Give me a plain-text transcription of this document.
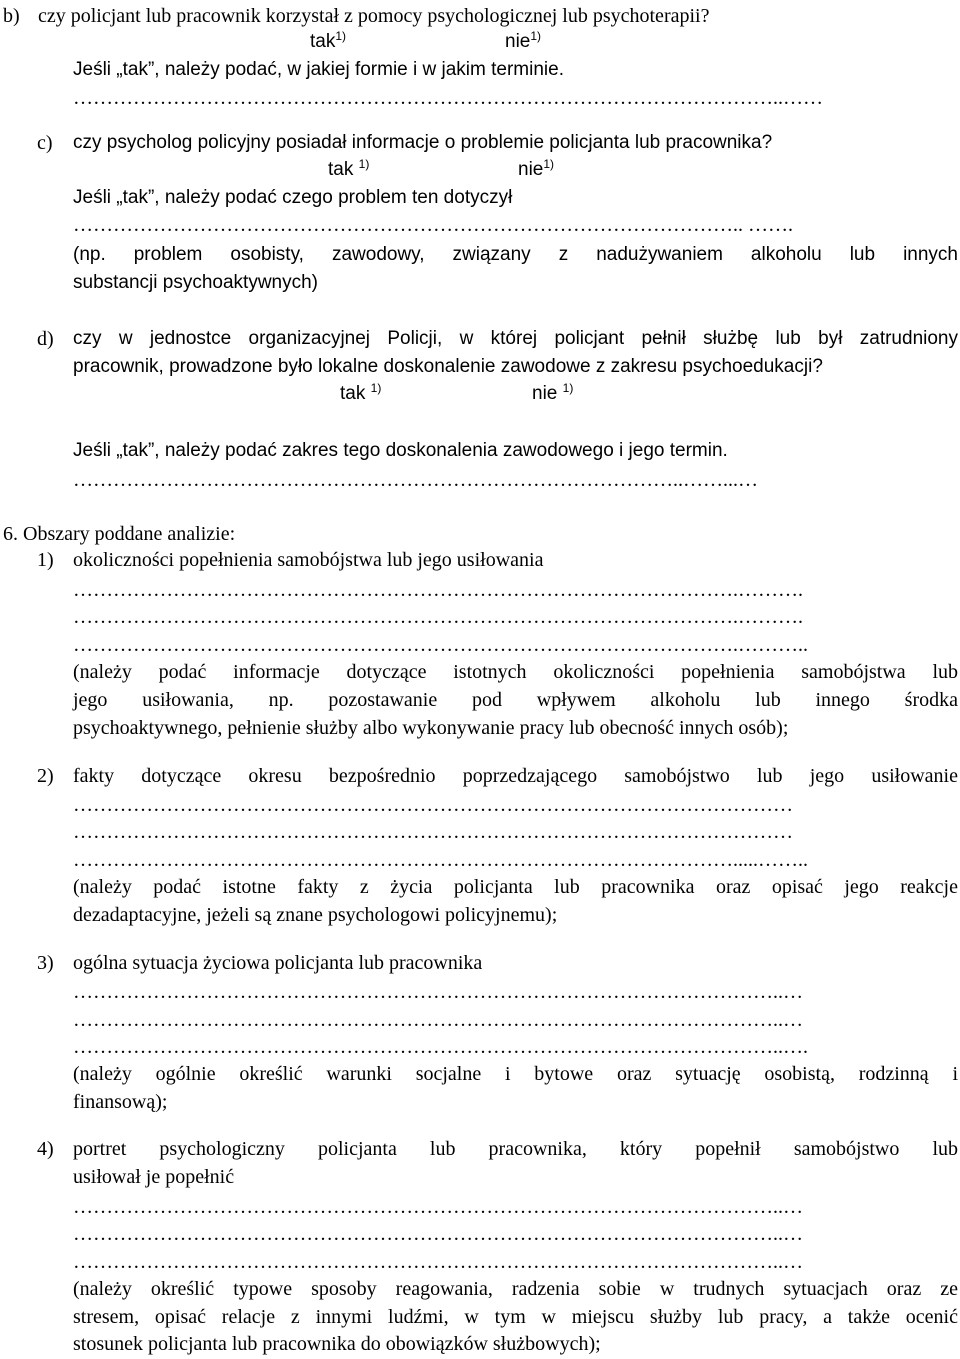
b) czy policjant lub pracownik korzystał z pomocy psychologicznej lub psychoterapii?
tak$^{1)}$	nie$^{1)}$
Jeśli „tak”, należy podać, w jakiej formie i w jakim terminie.
……………………………………………………………………………………………..……
c) czy psycholog policyjny posiadał informacje o problemie policjanta lub pracownika?
tak $^{1)}$	nie$^{1)}$
Jeśli „tak”, należy podać czego problem ten dotyczył
……………………………………………………………………………………….. …….
(np. problem osobisty, zawodowy, związany z nadużywaniem alkoholu lub innych
substancji psychoaktywnych)
d) czy w jednostce organizacyjnej Policji, w której policjant pełnił służbę lub był zatrudniony
pracownik, prowadzone było lokalne doskonalenie zawodowe z zakresu psychoedukacji?
tak $^{1)}$	nie $^{1)}$
Jeśli „tak”, należy podać zakres tego doskonalenia zawodowego i jego termin.
………………………………………………………………………………..……...…
6. Obszary poddane analizie:
1) okoliczności popełnienia samobójstwa lub jego usiłowania
……………………………………………………………………………………….……….
……………………………………………………………………………………….……….
……………………………………………………………………………………….………..
(należy podać informacje dotyczące istotnych okoliczności popełnienia samobójstwa lub
jego usiłowania, np. pozostawanie pod wpływem alkoholu lub innego środka
psychoaktywnego, pełnienie służby albo wykonywanie pracy lub obecność innych osób);
2) fakty dotyczące okresu bezpośrednio poprzedzającego samobójstwo lub jego usiłowanie
………………………………………………………………………………………………
………………………………………………………………………………………………
……………………………………………………………………………………….....……..
(należy podać istotne fakty z życia policjanta lub pracownika oraz opisać jego reakcje
dezadaptacyjne, jeżeli są znane psychologowi policyjnemu);
3) ogólna sytuacja życiowa policjanta lub pracownika
……………………………………………………………………………………………..…
……………………………………………………………………………………………..…
……………………………………………………………………………………………..….
(należy ogólnie określić warunki socjalne i bytowe oraz sytuację osobistą, rodzinną i
finansową);
4) portret psychologiczny policjanta lub pracownika, który popełnił samobójstwo lub
usiłował je popełnić
……………………………………………………………………………………………..…
……………………………………………………………………………………………..…
……………………………………………………………………………………………..…
(należy określić typowe sposoby reagowania, radzenia sobie w trudnych sytuacjach oraz ze
stresem, opisać relacje z innymi ludźmi, w tym w miejscu służby lub pracy, a także ocenić
stosunek policjanta lub pracownika do obowiązków służbowych);
